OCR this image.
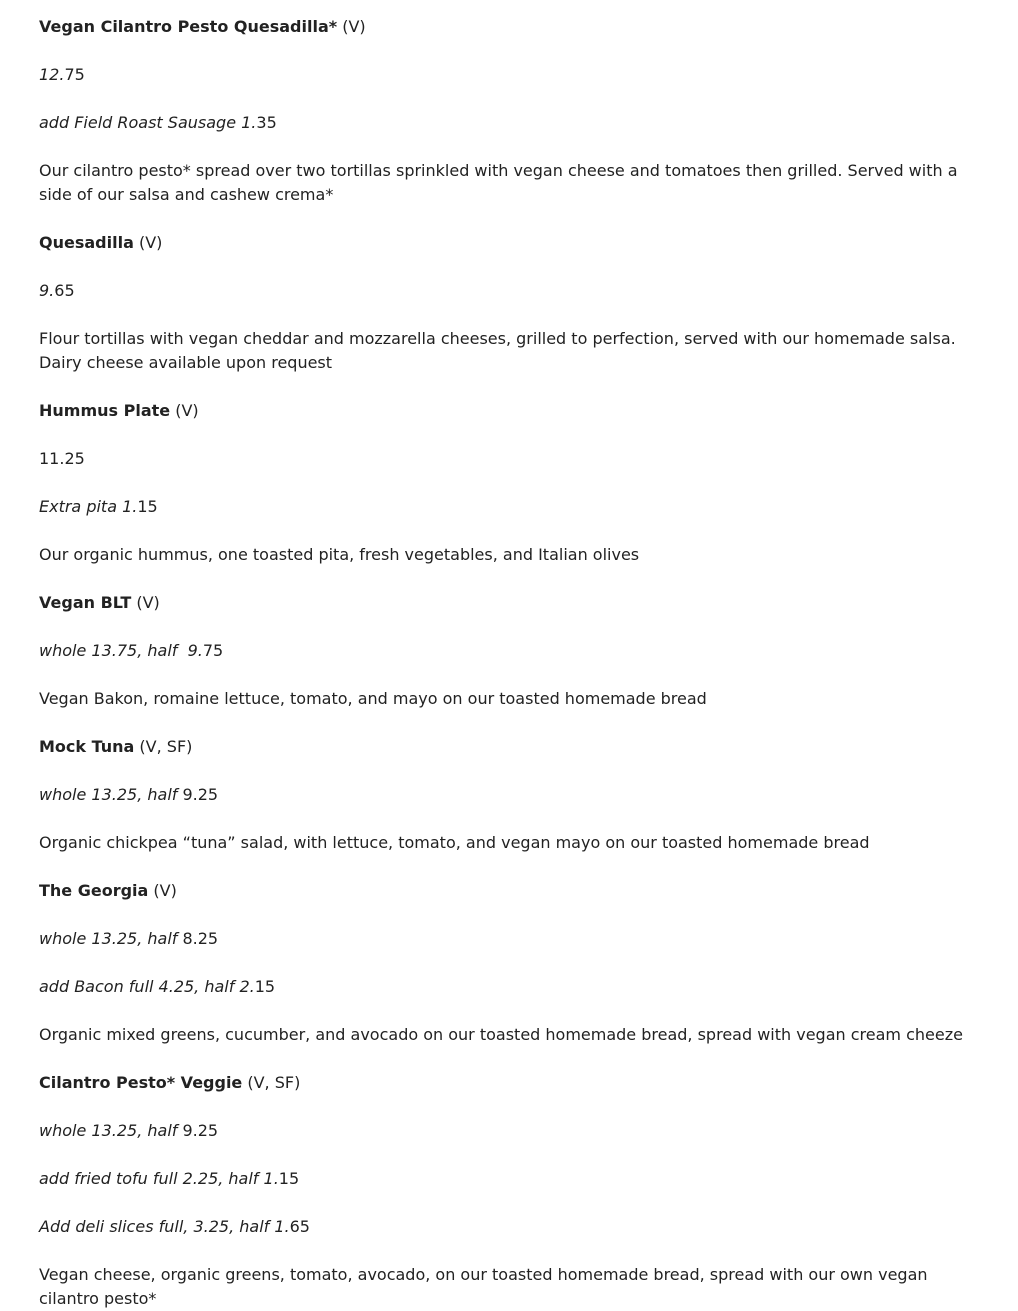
Vegan Cilantro Pesto Quesadilla* (V)

12.75

add Field Roast Sausage 1.35

Our cilantro pesto* spread over two tortillas sprinkled with vegan cheese and tomatoes then grilled. Served with a side of our salsa and cashew crema*

Quesadilla (V)

9.65

Flour tortillas with vegan cheddar and mozzarella cheeses, grilled to perfection, served with our homemade salsa. Dairy cheese available upon request

Hummus Plate (V)

11.25

Extra pita 1.15

Our organic hummus, one toasted pita, fresh vegetables, and Italian olives

Vegan BLT (V)

whole 13.75, half  9.75

Vegan Bakon, romaine lettuce, tomato, and mayo on our toasted homemade bread

Mock Tuna (V, SF)

whole 13.25, half 9.25

Organic chickpea “tuna” salad, with lettuce, tomato, and vegan mayo on our toasted homemade bread

The Georgia (V)

whole 13.25, half 8.25

add Bacon full 4.25, half 2.15

Organic mixed greens, cucumber, and avocado on our toasted homemade bread, spread with vegan cream cheeze

Cilantro Pesto* Veggie (V, SF)

whole 13.25, half 9.25

add fried tofu full 2.25, half 1.15

Add deli slices full, 3.25, half 1.65

Vegan cheese, organic greens, tomato, avocado, on our toasted homemade bread, spread with our own vegan cilantro pesto*
